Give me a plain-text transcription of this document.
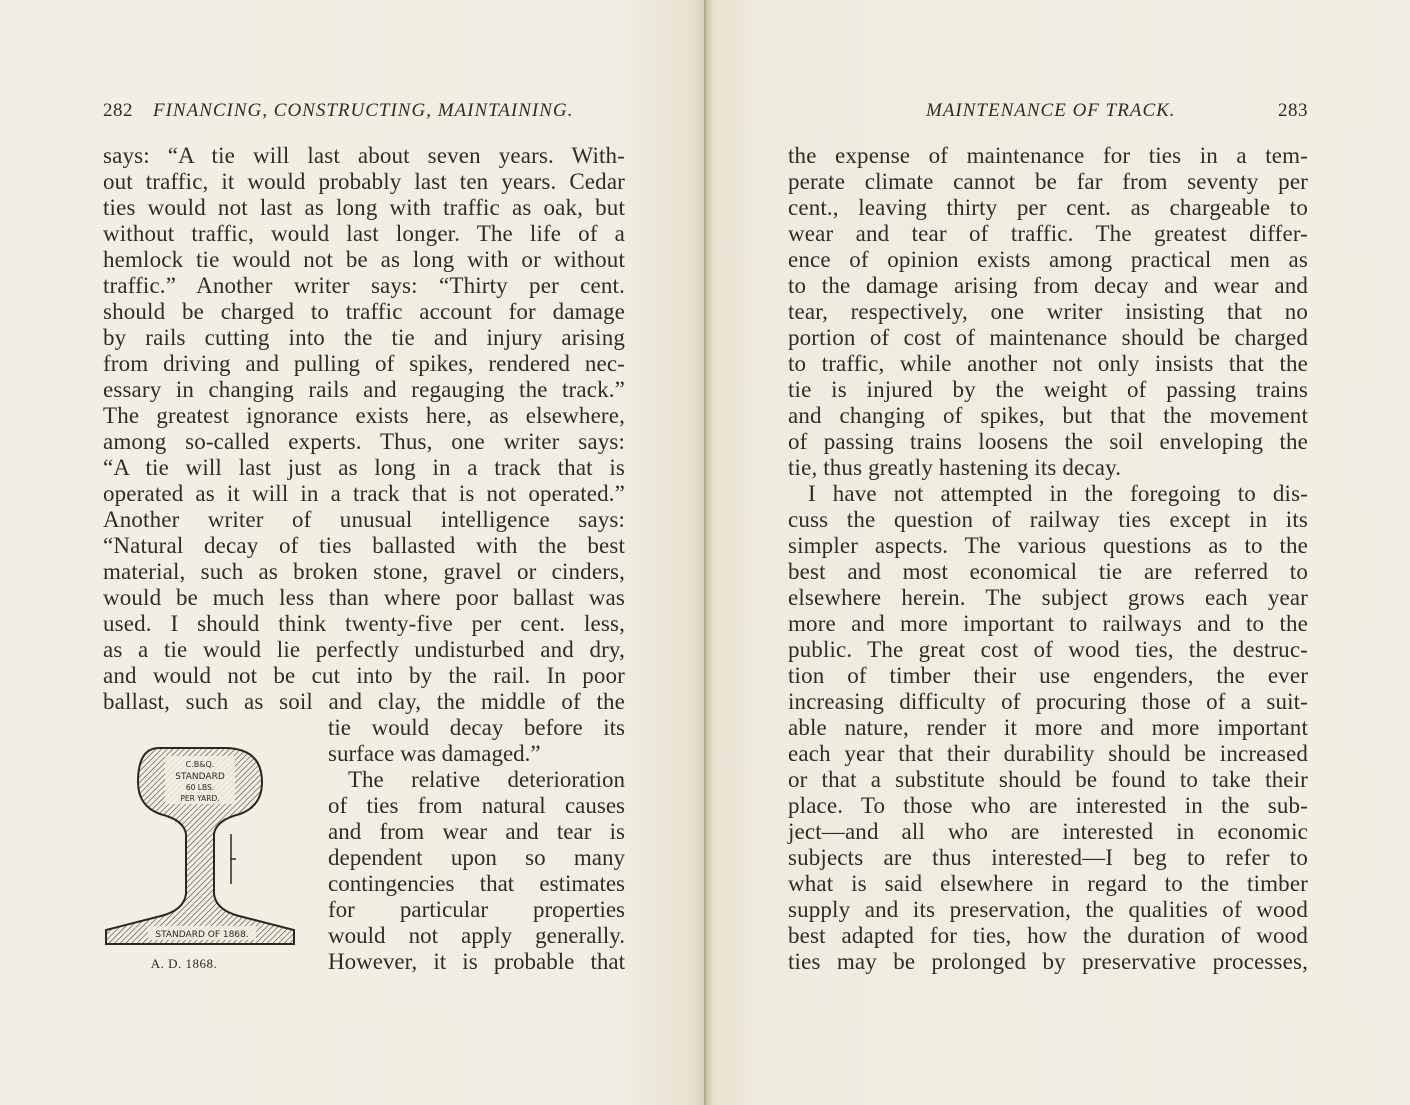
282 FINANCING, CONSTRUCTING, MAINTAINING.
says: “A tie will last about seven years. With-
out traffic, it would probably last ten years. Cedar
ties would not last as long with traffic as oak, but
without traffic, would last longer. The life of a
hemlock tie would not be as long with or without
traffic.” Another writer says: “Thirty per cent.
should be charged to traffic account for damage
by rails cutting into the tie and injury arising
from driving and pulling of spikes, rendered nec-
essary in changing rails and regauging the track.”
The greatest ignorance exists here, as elsewhere,
among so-called experts. Thus, one writer says:
“A tie will last just as long in a track that is
operated as it will in a track that is not operated.”
Another writer of unusual intelligence says:
“Natural decay of ties ballasted with the best
material, such as broken stone, gravel or cinders,
would be much less than where poor ballast was
used. I should think twenty-five per cent. less,
as a tie would lie perfectly undisturbed and dry,
and would not be cut into by the rail. In poor
ballast, such as soil and clay, the middle of the
tie would decay before its
surface was damaged.”
The relative deterioration
of ties from natural causes
and from wear and tear is
dependent upon so many
contingencies that estimates
for particular properties
would not apply generally.
However, it is probable that
C.B&Q.
STANDARD
60 LBS.
PER YARD.
STANDARD OF 1868.
A. D. 1868.
MAINTENANCE OF TRACK.	283
the expense of maintenance for ties in a tem-
perate climate cannot be far from seventy per
cent., leaving thirty per cent. as chargeable to
wear and tear of traffic. The greatest differ-
ence of opinion exists among practical men as
to the damage arising from decay and wear and
tear, respectively, one writer insisting that no
portion of cost of maintenance should be charged
to traffic, while another not only insists that the
tie is injured by the weight of passing trains
and changing of spikes, but that the movement
of passing trains loosens the soil enveloping the
tie, thus greatly hastening its decay.
I have not attempted in the foregoing to dis-
cuss the question of railway ties except in its
simpler aspects. The various questions as to the
best and most economical tie are referred to
elsewhere herein. The subject grows each year
more and more important to railways and to the
public. The great cost of wood ties, the destruc-
tion of timber their use engenders, the ever
increasing difficulty of procuring those of a suit-
able nature, render it more and more important
each year that their durability should be increased
or that a substitute should be found to take their
place. To those who are interested in the sub-
ject—and all who are interested in economic
subjects are thus interested—I beg to refer to
what is said elsewhere in regard to the timber
supply and its preservation, the qualities of wood
best adapted for ties, how the duration of wood
ties may be prolonged by preservative processes,
